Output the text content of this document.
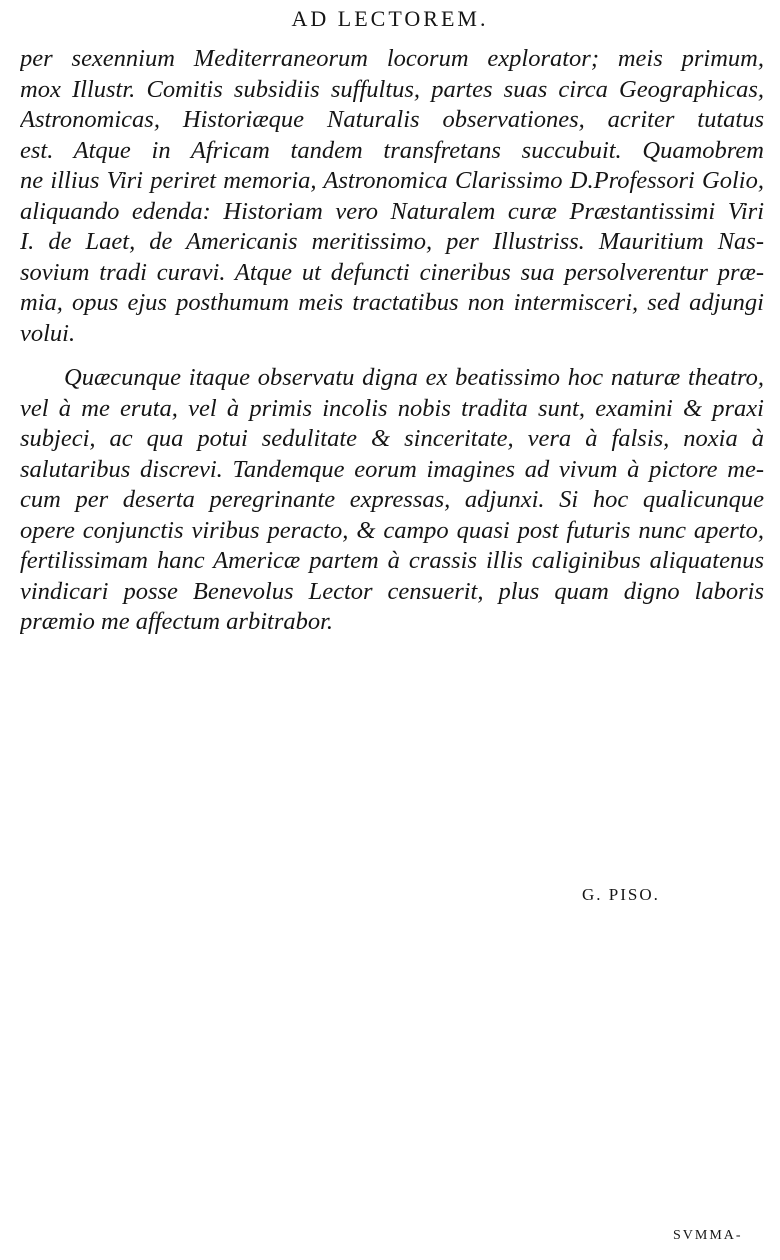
AD LECTOREM.
per sexennium Mediterraneorum locorum explorator; meis primum,
mox Illustr. Comitis subsidiis suffultus, partes suas circa Geographicas,
Astronomicas, Historiæque Naturalis observationes, acriter tutatus
est. Atque in Africam tandem transfretans succubuit. Quamobrem
ne illius Viri periret memoria, Astronomica Clarissimo D.Professori Golio,
aliquando edenda: Historiam vero Naturalem curæ Præstantissimi Viri
I. de Laet, de Americanis meritissimo, per Illustriss. Mauritium Nas-
sovium tradi curavi. Atque ut defuncti cineribus sua persolverentur præ-
mia, opus ejus posthumum meis tractatibus non intermisceri, sed adjungi
volui.
Quæcunque itaque observatu digna ex beatissimo hoc naturæ theatro,
vel à me eruta, vel à primis incolis nobis tradita sunt, examini & praxi
subjeci, ac qua potui sedulitate & sinceritate, vera à falsis, noxia à
salutaribus discrevi. Tandemque eorum imagines ad vivum à pictore me-
cum per deserta peregrinante expressas, adjunxi. Si hoc qualicunque
opere conjunctis viribus peracto, & campo quasi post futuris nunc aperto,
fertilissimam hanc Americæ partem à crassis illis caliginibus aliquatenus
vindicari posse Benevolus Lector censuerit, plus quam digno laboris
præmio me affectum arbitrabor.
G. PISO.
SVMMA-
